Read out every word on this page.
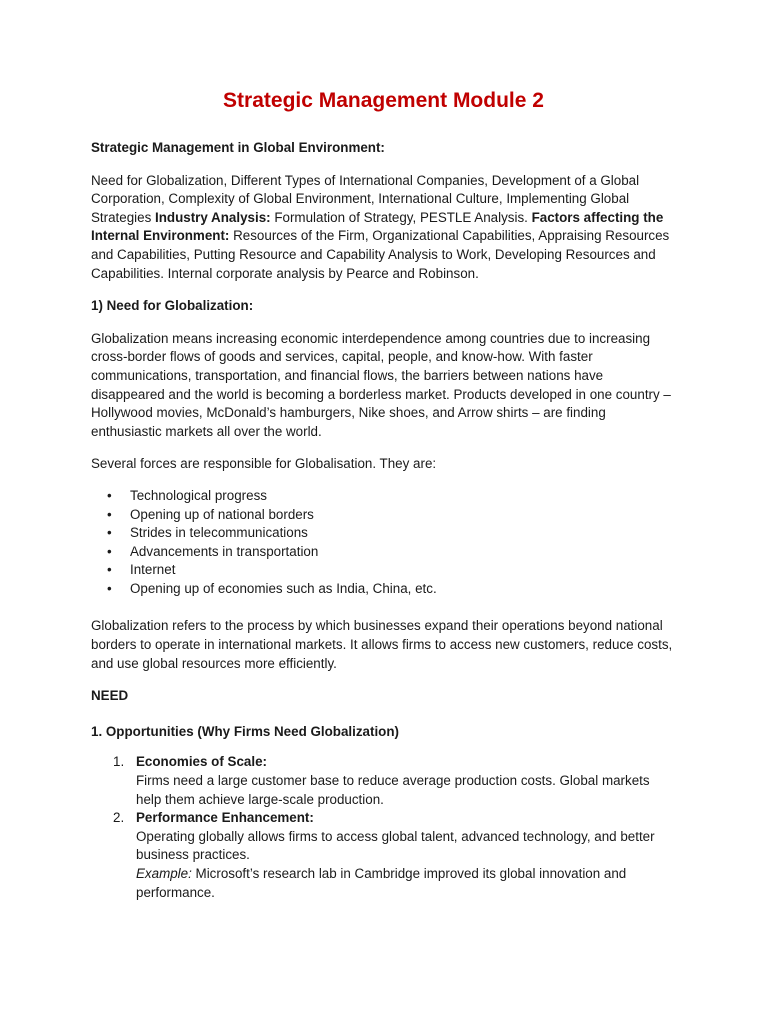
Strategic Management Module 2

Strategic Management in Global Environment:

Need for Globalization, Different Types of International Companies, Development of a Global Corporation, Complexity of Global Environment, International Culture, Implementing Global Strategies Industry Analysis: Formulation of Strategy, PESTLE Analysis. Factors affecting the Internal Environment: Resources of the Firm, Organizational Capabilities, Appraising Resources and Capabilities, Putting Resource and Capability Analysis to Work, Developing Resources and Capabilities. Internal corporate analysis by Pearce and Robinson.

1) Need for Globalization:

Globalization means increasing economic interdependence among countries due to increasing cross-border flows of goods and services, capital, people, and know-how. With faster communications, transportation, and financial flows, the barriers between nations have disappeared and the world is becoming a borderless market. Products developed in one country – Hollywood movies, McDonald’s hamburgers, Nike shoes, and Arrow shirts – are finding enthusiastic markets all over the world.

Several forces are responsible for Globalisation. They are:

• Technological progress
• Opening up of national borders
• Strides in telecommunications
• Advancements in transportation
• Internet
• Opening up of economies such as India, China, etc.

Globalization refers to the process by which businesses expand their operations beyond national borders to operate in international markets. It allows firms to access new customers, reduce costs, and use global resources more efficiently.

NEED

1. Opportunities (Why Firms Need Globalization)

1. Economies of Scale:
Firms need a large customer base to reduce average production costs. Global markets help them achieve large-scale production.
2. Performance Enhancement:
Operating globally allows firms to access global talent, advanced technology, and better business practices.
Example: Microsoft’s research lab in Cambridge improved its global innovation and performance.
